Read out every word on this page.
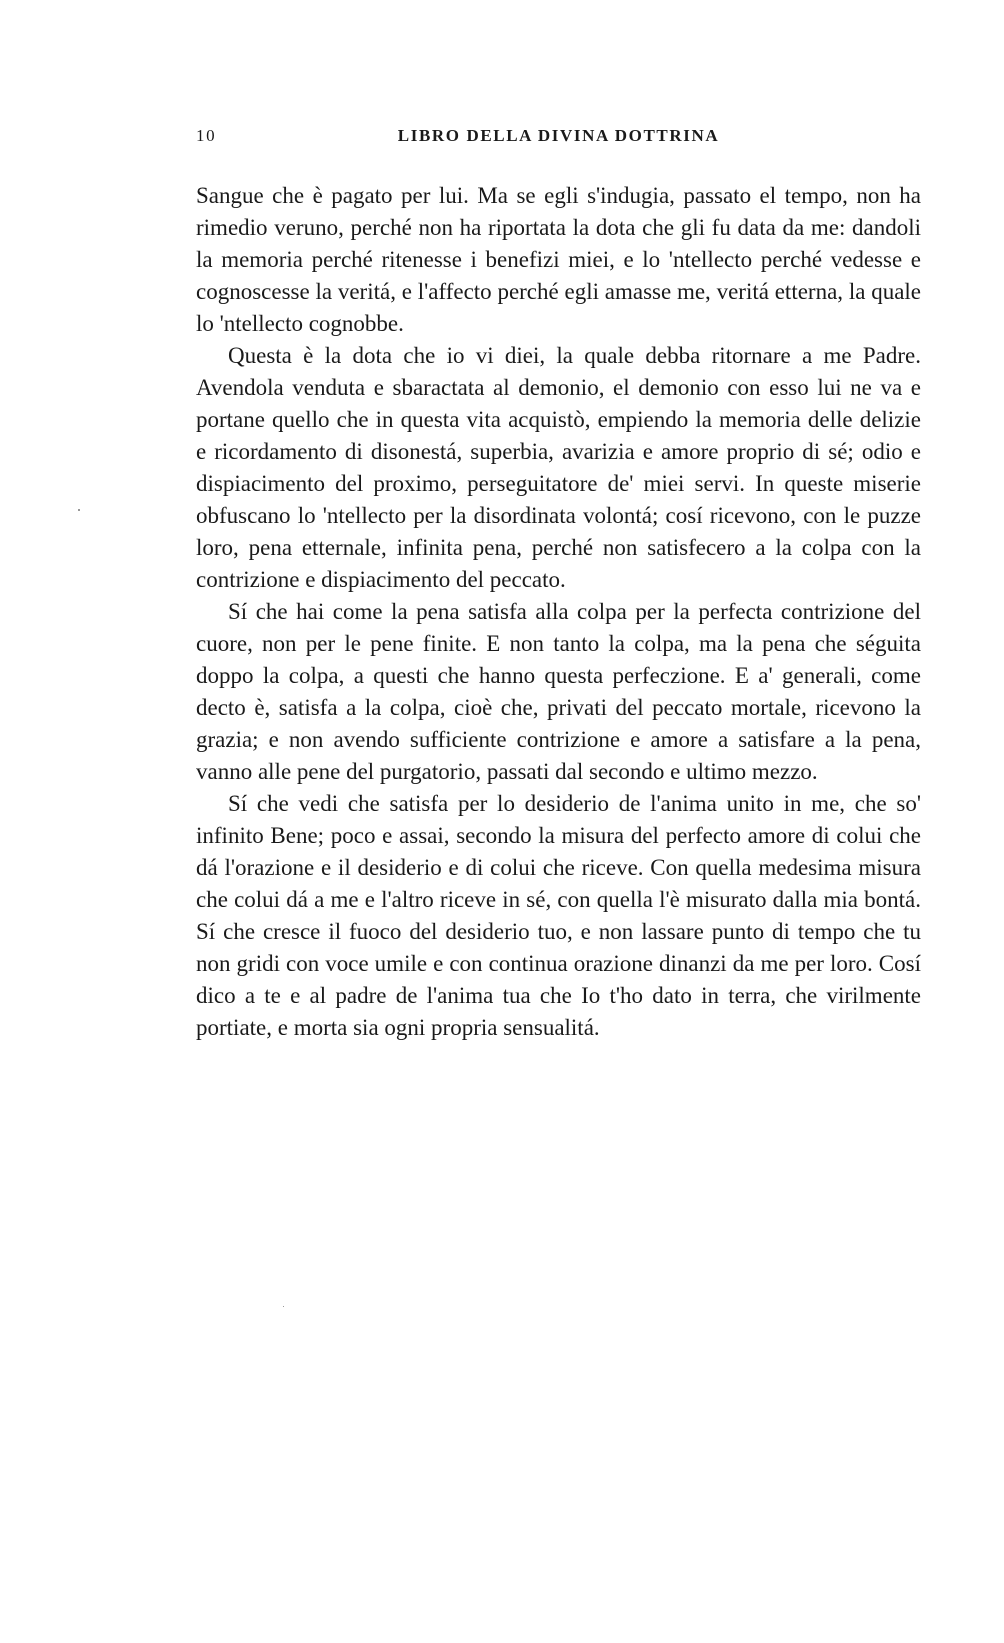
10	LIBRO DELLA DIVINA DOTTRINA

Sangue che è pagato per lui. Ma se egli s'indugia, passato el tempo, non ha rimedio veruno, perché non ha riportata la dota che gli fu data da me: dandoli la memoria perché ritenesse i benefizi miei, e lo 'ntellecto perché vedesse e cognoscesse la veritá, e l'affecto perché egli amasse me, veritá etterna, la quale lo 'ntellecto cognobbe.

Questa è la dota che io vi diei, la quale debba ritornare a me Padre. Avendola venduta e sbaractata al demonio, el demonio con esso lui ne va e portane quello che in questa vita acquistò, empiendo la memoria delle delizie e ricordamento di disonestá, superbia, avarizia e amore proprio di sé; odio e dispiacimento del proximo, perseguitatore de' miei servi. In queste miserie obfuscano lo 'ntellecto per la disordinata volontá; cosí ricevono, con le puzze loro, pena etternale, infinita pena, perché non satisfecero a la colpa con la contrizione e dispiacimento del peccato.

Sí che hai come la pena satisfa alla colpa per la perfecta contrizione del cuore, non per le pene finite. E non tanto la colpa, ma la pena che séguita doppo la colpa, a questi che hanno questa perfeczione. E a' generali, come decto è, satisfa a la colpa, cioè che, privati del peccato mortale, ricevono la grazia; e non avendo sufficiente contrizione e amore a satisfare a la pena, vanno alle pene del purgatorio, passati dal secondo e ultimo mezzo.

Sí che vedi che satisfa per lo desiderio de l'anima unito in me, che so' infinito Bene; poco e assai, secondo la misura del perfecto amore di colui che dá l'orazione e il desiderio e di colui che riceve. Con quella medesima misura che colui dá a me e l'altro riceve in sé, con quella l'è misurato dalla mia bontá. Sí che cresce il fuoco del desiderio tuo, e non lassare punto di tempo che tu non gridi con voce umile e con continua orazione dinanzi da me per loro. Cosí dico a te e al padre de l'anima tua che Io t'ho dato in terra, che virilmente portiate, e morta sia ogni propria sensualitá.
